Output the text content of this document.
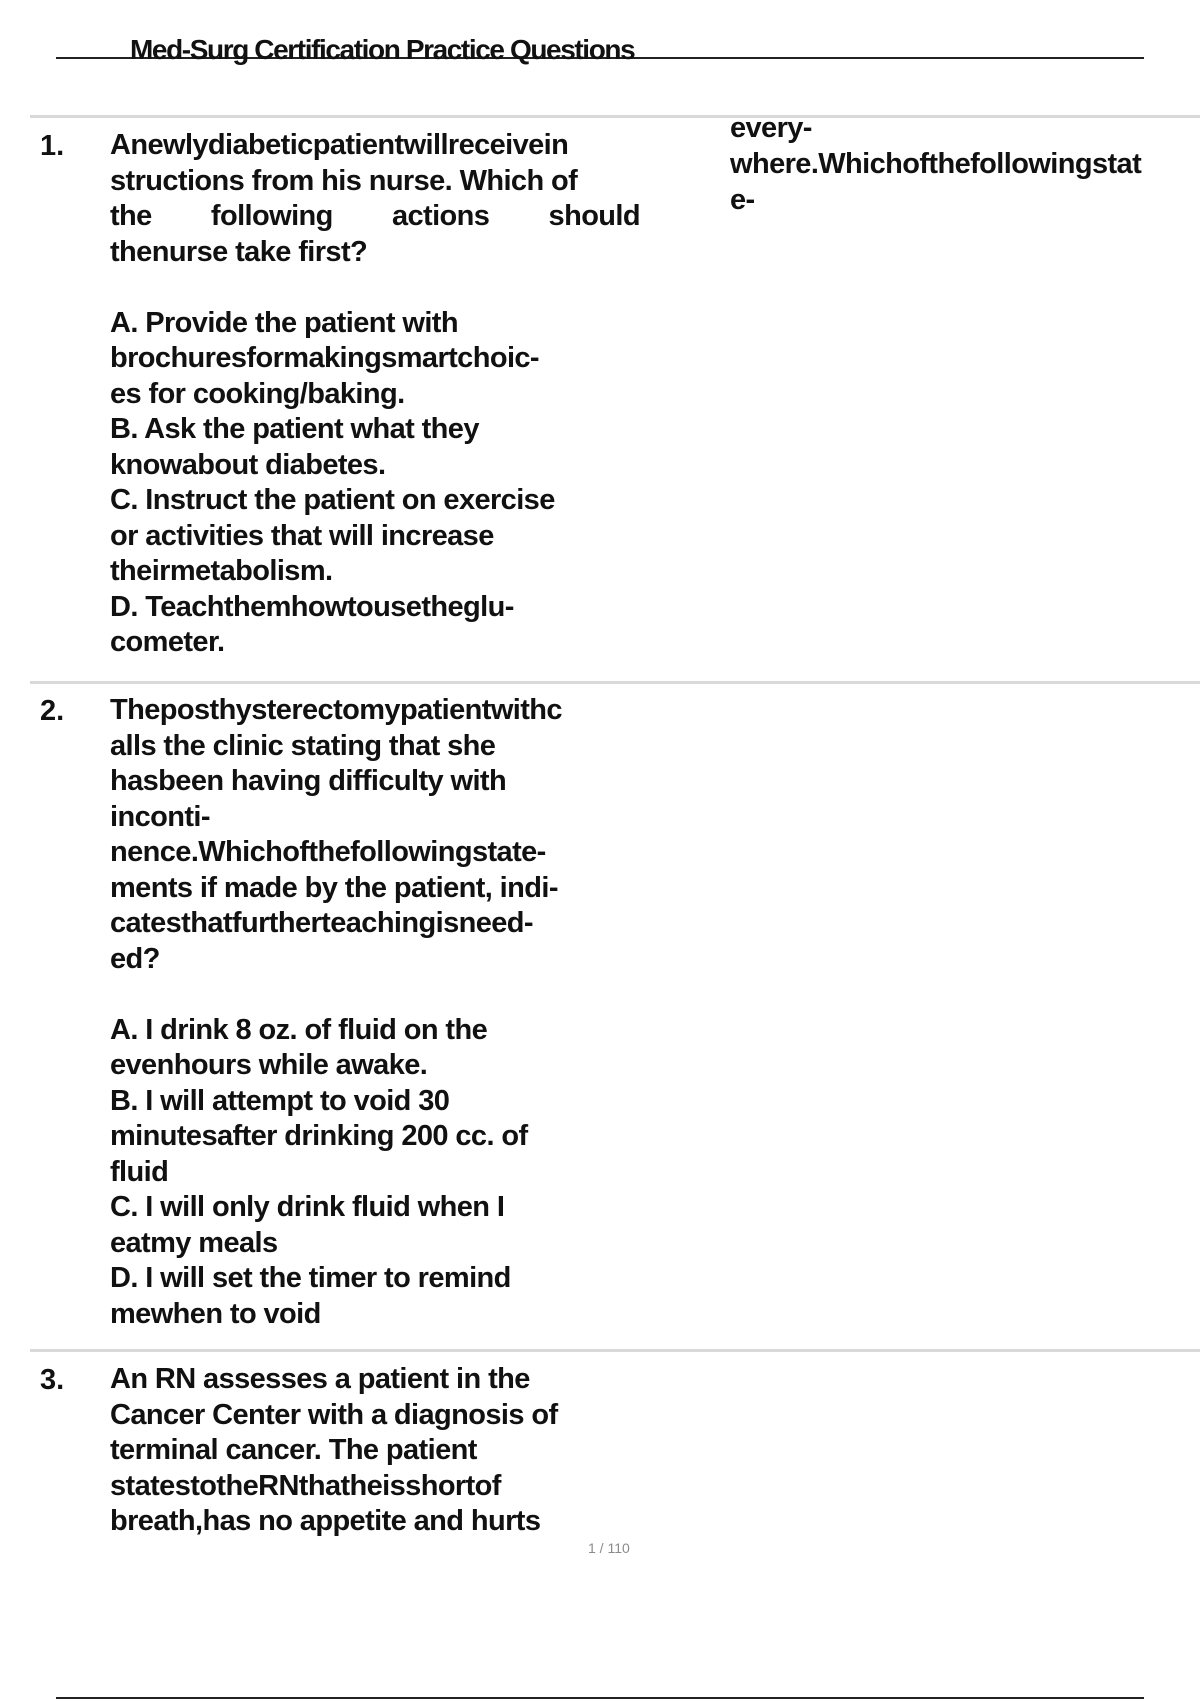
Med-Surg Certification Practice Questions
1. Anewlydiabeticpatientwillreceivein
structions from his nurse. Which of
the following actions should
thenurse take first?
A. Provide the patient with
brochuresformakingsmartchoic-
es for cooking/baking.
B. Ask the patient what they
knowabout diabetes.
C. Instruct the patient on exercise
or activities that will increase
theirmetabolism.
D. Teachthemhowtousetheglu-
cometer.
every-
where.Whichofthefollowingstat
e-
2. Theposthysterectomypatientwithc
alls the clinic stating that she
hasbeen having difficulty with
inconti-
nence.Whichofthefollowingstate-
ments if made by the patient, indi-
catesthatfurtherteachingisneed-
ed?
A. I drink 8 oz. of fluid on the
evenhours while awake.
B. I will attempt to void 30
minutesafter drinking 200 cc. of
fluid
C. I will only drink fluid when I
eatmy meals
D. I will set the timer to remind
mewhen to void
3. An RN assesses a patient in the
Cancer Center with a diagnosis of
terminal cancer. The patient
statestotheRNthatheisshortof
breath,has no appetite and hurts
1 / 110
